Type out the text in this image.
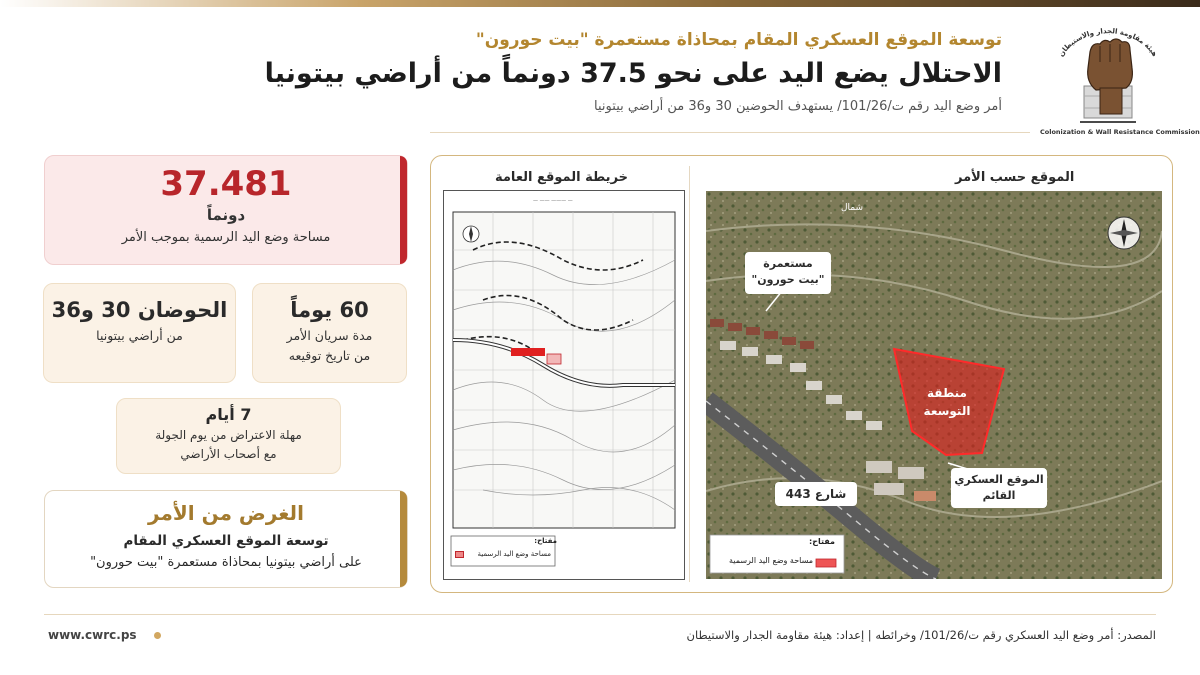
هيئة مقاومة الجدار والاستيطان
Colonization & Wall Resistance Commission
توسعة الموقع العسكري المقام بمحاذاة مستعمرة "بيت حورون"
الاحتلال يضع اليد على نحو 37.5 دونماً من أراضي بيتونيا
أمر وضع اليد رقم ت/101/26/ يستهدف الحوضين 30 و36 من أراضي بيتونيا
37.481
دونماً
مساحة وضع اليد الرسمية بموجب الأمر
60 يوماً
مدة سريان الأمر
من تاريخ توقيعه
الحوضان 30 و36
من أراضي بيتونيا
7 أيام
مهلة الاعتراض من يوم الجولة
مع أصحاب الأراضي
الغرض من الأمر
توسعة الموقع العسكري المقام
على أراضي بيتونيا بمحاذاة مستعمرة "بيت حورون"
خريطة الموقع العامة	الموقع حسب الأمر
— —— ——— —
مفتاح:
مساحة وضع اليد الرسمية
شمال
مستعمرة
"بيت حورون"
منطقة
التوسعة
الموقع العسكري
القائم
شارع 443
مفتاح:
مساحة وضع اليد الرسمية
www.cwrc.ps	المصدر: أمر وضع اليد العسكري رقم ت/101/26/ وخرائطه | إعداد: هيئة مقاومة الجدار والاستيطان
